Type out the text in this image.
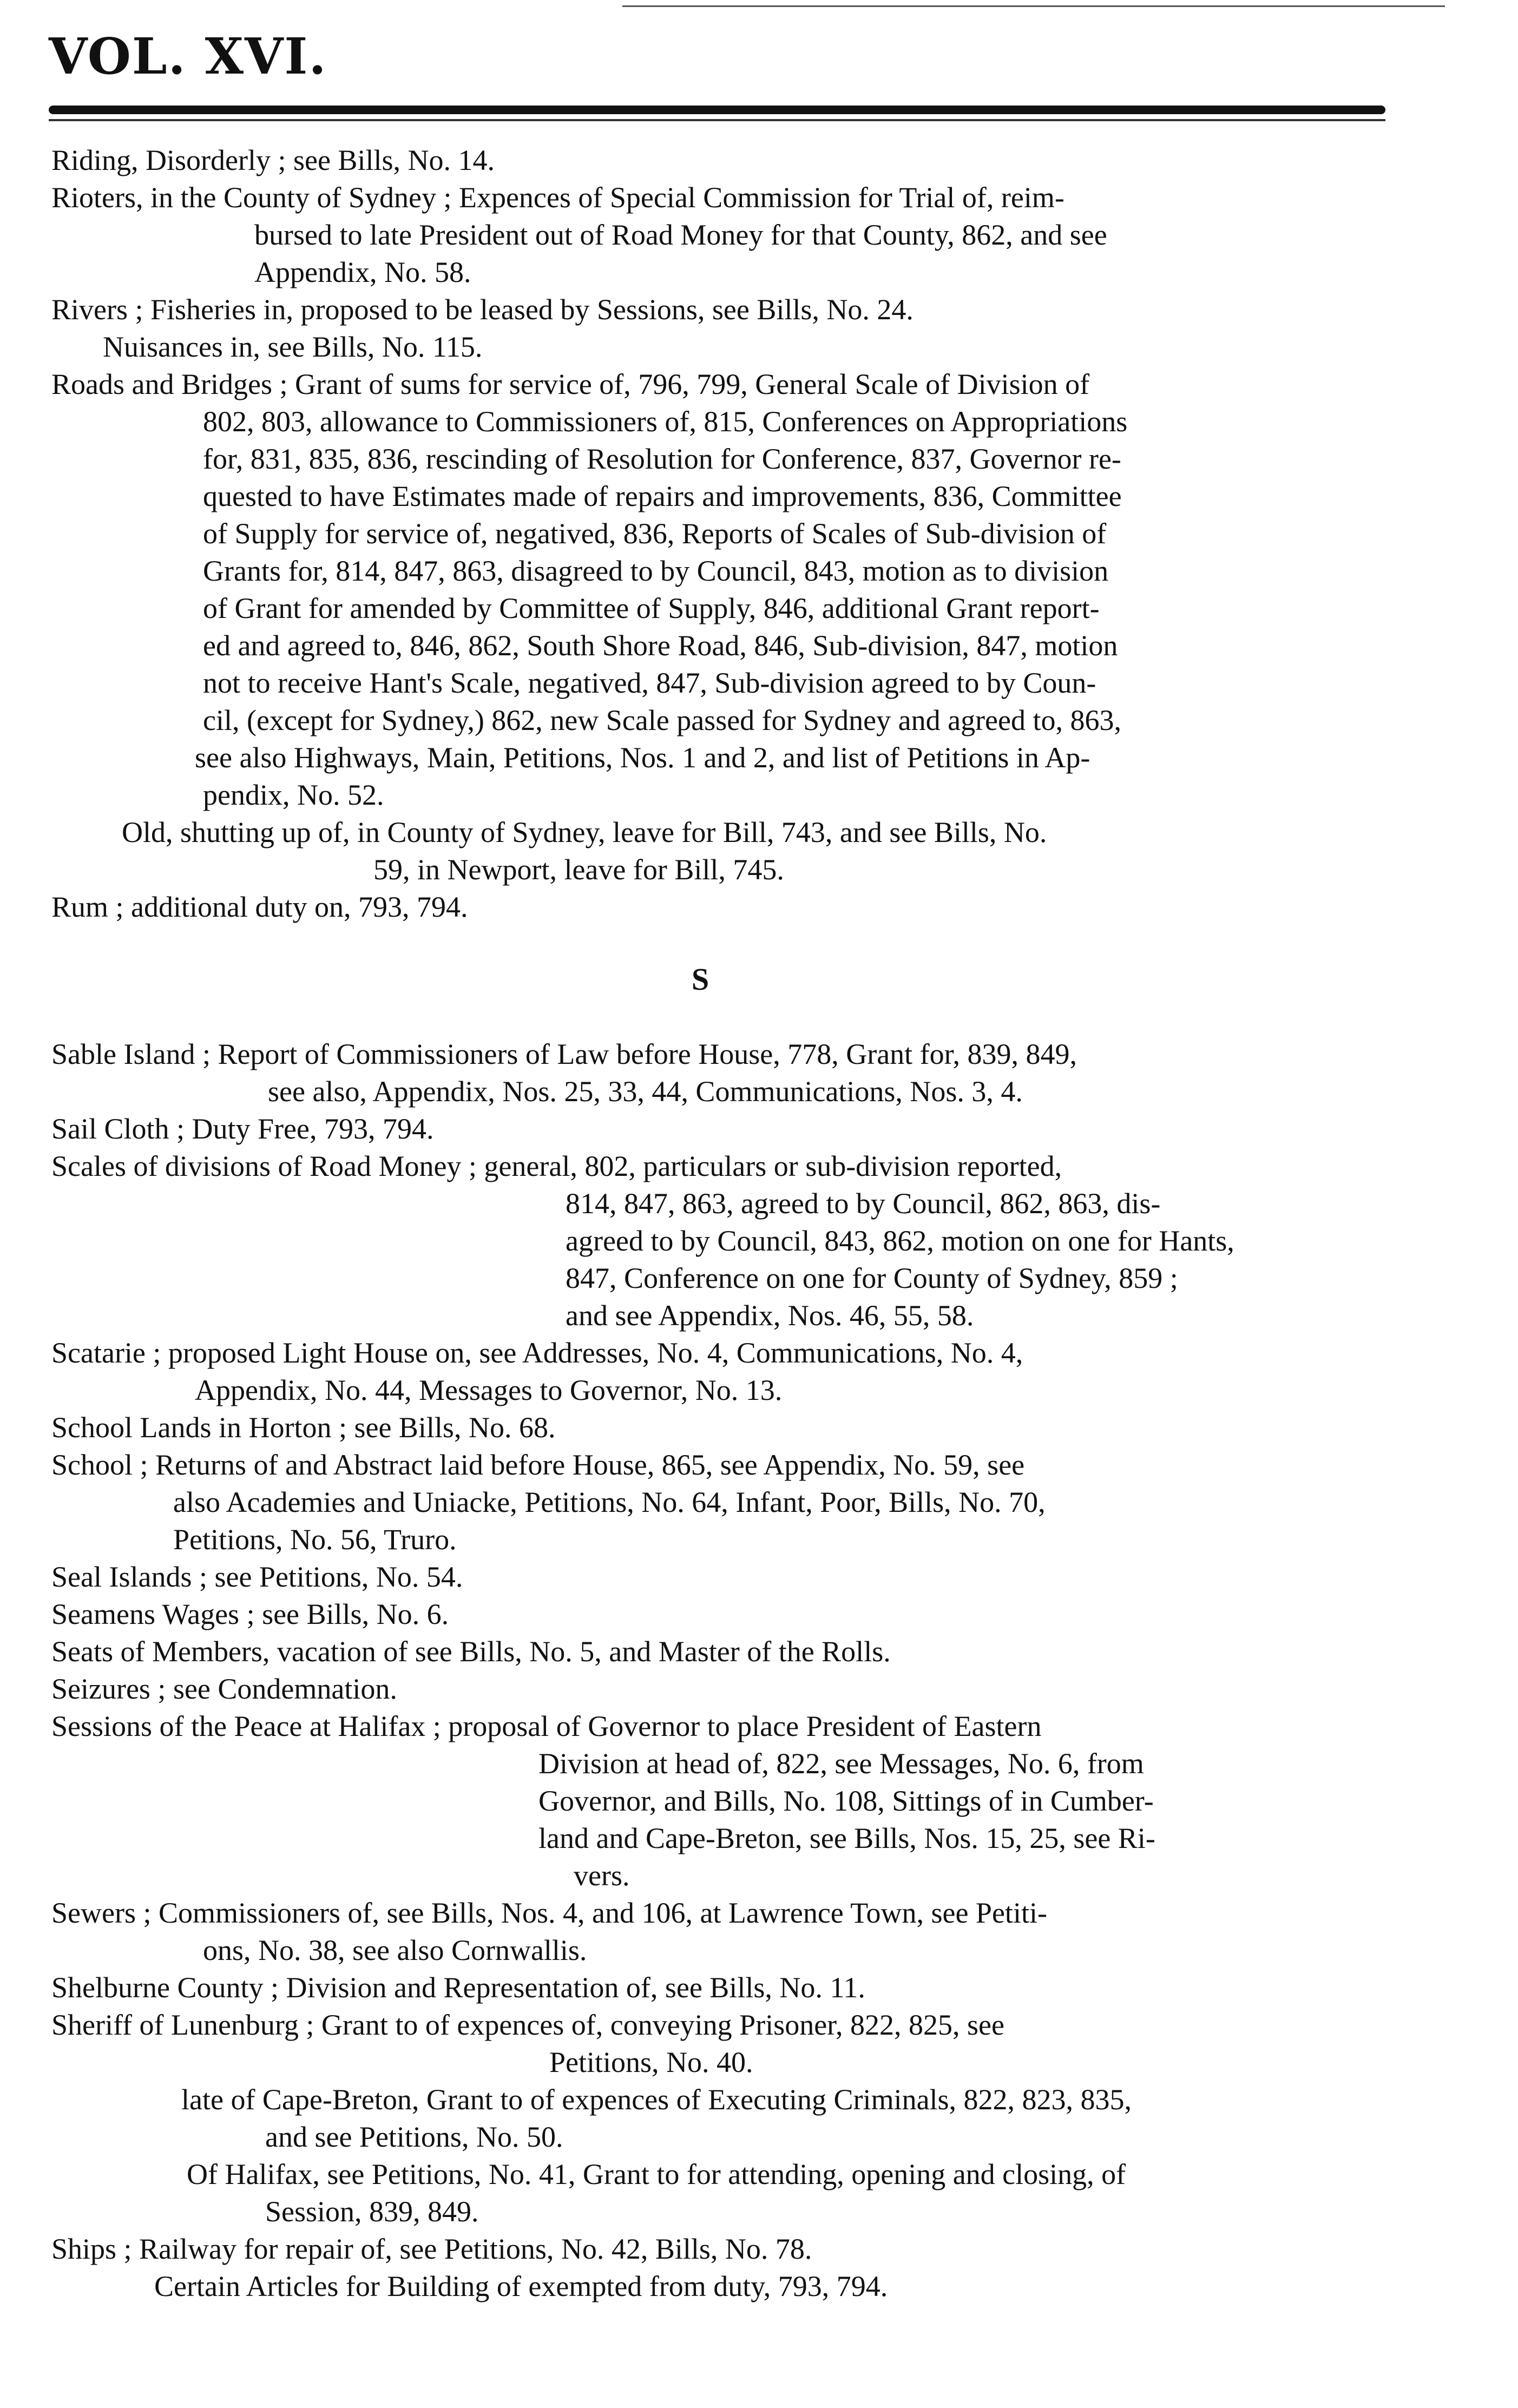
VOL. XVI.
Riding, Disorderly ; see Bills, No. 14.
Rioters, in the County of Sydney ; Expences of Special Commission for Trial of, reim-
bursed to late President out of Road Money for that County, 862, and see
Appendix, No. 58.
Rivers ; Fisheries in, proposed to be leased by Sessions, see Bills, No. 24.
Nuisances in, see Bills, No. 115.
Roads and Bridges ; Grant of sums for service of, 796, 799, General Scale of Division of
802, 803, allowance to Commissioners of, 815, Conferences on Appropriations
for, 831, 835, 836, rescinding of Resolution for Conference, 837, Governor re-
quested to have Estimates made of repairs and improvements, 836, Committee
of Supply for service of, negatived, 836, Reports of Scales of Sub-division of
Grants for, 814, 847, 863, disagreed to by Council, 843, motion as to division
of Grant for amended by Committee of Supply, 846, additional Grant report-
ed and agreed to, 846, 862, South Shore Road, 846, Sub-division, 847, motion
not to receive Hant's Scale, negatived, 847, Sub-division agreed to by Coun-
cil, (except for Sydney,) 862, new Scale passed for Sydney and agreed to, 863,
see also Highways, Main, Petitions, Nos. 1 and 2, and list of Petitions in Ap-
pendix, No. 52.
Old, shutting up of, in County of Sydney, leave for Bill, 743, and see Bills, No.
59, in Newport, leave for Bill, 745.
Rum ; additional duty on, 793, 794.
S
Sable Island ; Report of Commissioners of Law before House, 778, Grant for, 839, 849,
see also, Appendix, Nos. 25, 33, 44, Communications, Nos. 3, 4.
Sail Cloth ; Duty Free, 793, 794.
Scales of divisions of Road Money ; general, 802, particulars or sub-division reported,
814, 847, 863, agreed to by Council, 862, 863, dis-
agreed to by Council, 843, 862, motion on one for Hants,
847, Conference on one for County of Sydney, 859 ;
and see Appendix, Nos. 46, 55, 58.
Scatarie ; proposed Light House on, see Addresses, No. 4, Communications, No. 4,
Appendix, No. 44, Messages to Governor, No. 13.
School Lands in Horton ; see Bills, No. 68.
School ; Returns of and Abstract laid before House, 865, see Appendix, No. 59, see
also Academies and Uniacke, Petitions, No. 64, Infant, Poor, Bills, No. 70,
Petitions, No. 56, Truro.
Seal Islands ; see Petitions, No. 54.
Seamens Wages ; see Bills, No. 6.
Seats of Members, vacation of see Bills, No. 5, and Master of the Rolls.
Seizures ; see Condemnation.
Sessions of the Peace at Halifax ; proposal of Governor to place President of Eastern
Division at head of, 822, see Messages, No. 6, from
Governor, and Bills, No. 108, Sittings of in Cumber-
land and Cape-Breton, see Bills, Nos. 15, 25, see Ri-
vers.
Sewers ; Commissioners of, see Bills, Nos. 4, and 106, at Lawrence Town, see Petiti-
ons, No. 38, see also Cornwallis.
Shelburne County ; Division and Representation of, see Bills, No. 11.
Sheriff of Lunenburg ; Grant to of expences of, conveying Prisoner, 822, 825, see
Petitions, No. 40.
late of Cape-Breton, Grant to of expences of Executing Criminals, 822, 823, 835,
and see Petitions, No. 50.
Of Halifax, see Petitions, No. 41, Grant to for attending, opening and closing, of
Session, 839, 849.
Ships ; Railway for repair of, see Petitions, No. 42, Bills, No. 78.
Certain Articles for Building of exempted from duty, 793, 794.
